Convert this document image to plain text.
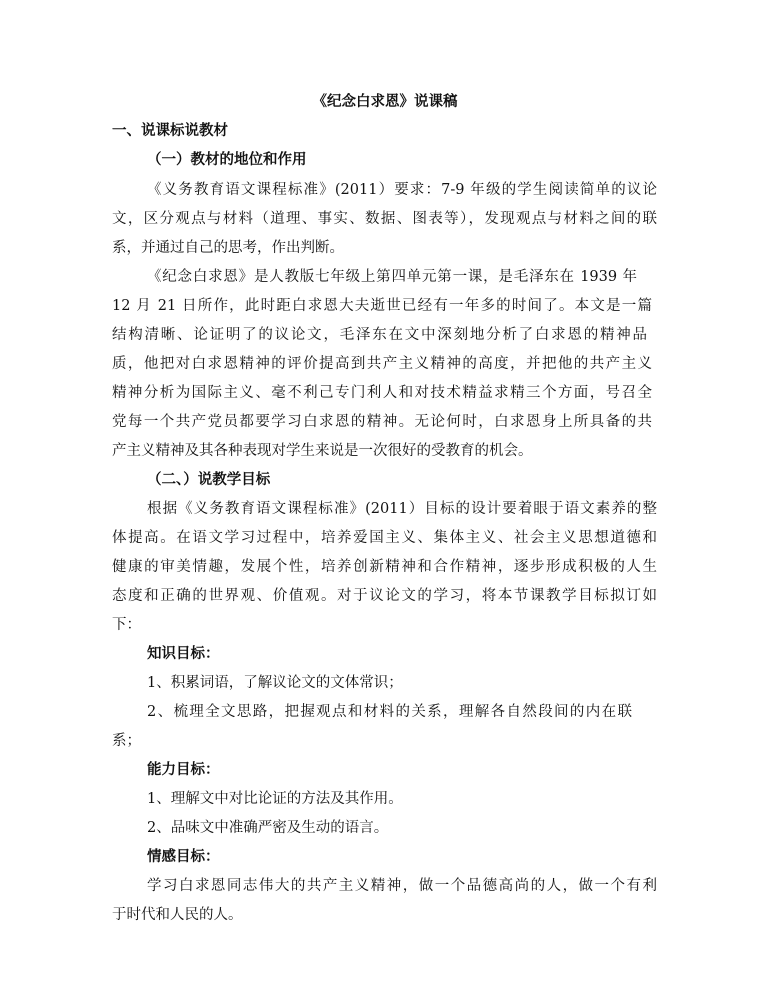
《纪念白求恩》说课稿
一、说课标说教材
（一）教材的地位和作用
《义务教育语文课程标准》(2011）要求：7-9 年级的学生阅读简单的议论
文，区分观点与材料（道理、事实、数据、图表等），发现观点与材料之间的联
系，并通过自己的思考，作出判断。
《纪念白求恩》是人教版七年级上第四单元第一课，是毛泽东在 1939 年
12 月 21 日所作，此时距白求恩大夫逝世已经有一年多的时间了。本文是一篇
结构清晰、论证明了的议论文，毛泽东在文中深刻地分析了白求恩的精神品
质，他把对白求恩精神的评价提高到共产主义精神的高度，并把他的共产主义
精神分析为国际主义、毫不利己专门利人和对技术精益求精三个方面，号召全
党每一个共产党员都要学习白求恩的精神。无论何时，白求恩身上所具备的共
产主义精神及其各种表现对学生来说是一次很好的受教育的机会。
（二、）说教学目标
根据《义务教育语文课程标准》(2011）目标的设计要着眼于语文素养的整
体提高。在语文学习过程中，培养爱国主义、集体主义、社会主义思想道德和
健康的审美情趣，发展个性，培养创新精神和合作精神，逐步形成积极的人生
态度和正确的世界观、价值观。对于议论文的学习，将本节课教学目标拟订如
下：
知识目标：
1、积累词语，了解议论文的文体常识；
2、梳理全文思路，把握观点和材料的关系，理解各自然段间的内在联
系；
能力目标：
1、理解文中对比论证的方法及其作用。
2、品味文中准确严密及生动的语言。
情感目标：
学习白求恩同志伟大的共产主义精神，做一个品德高尚的人，做一个有利
于时代和人民的人。
